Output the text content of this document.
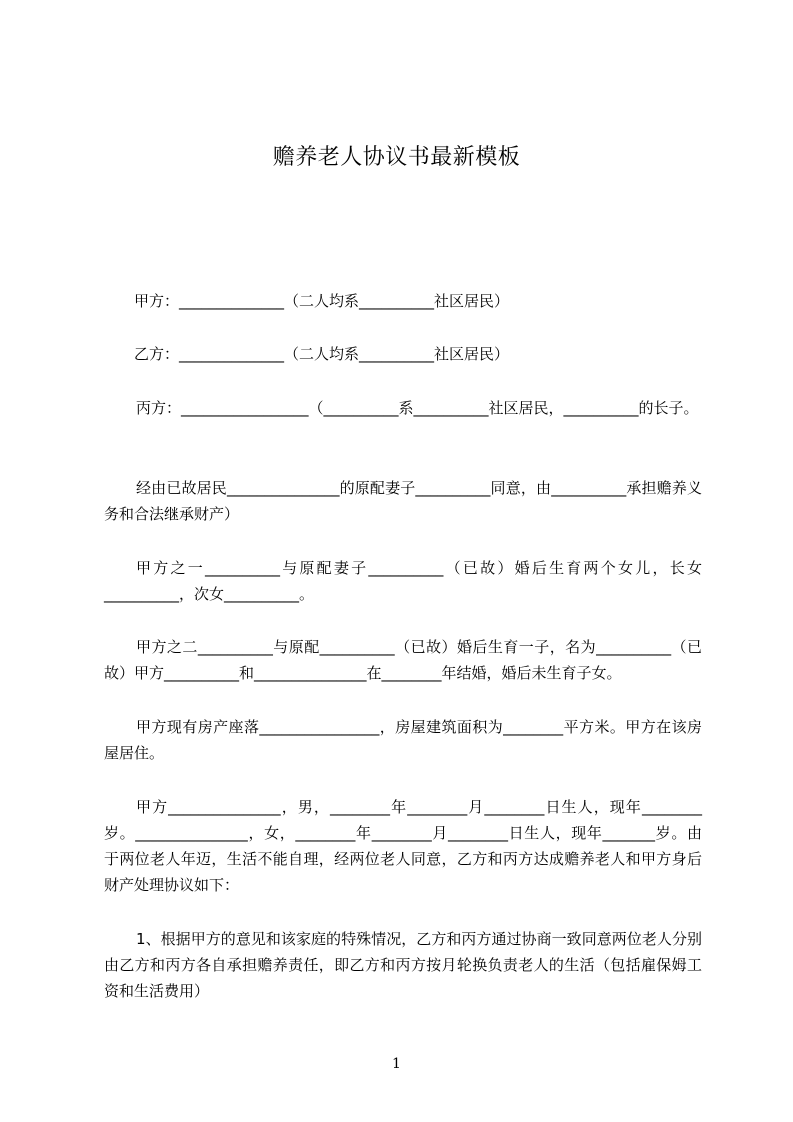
赡养老人协议书最新模板

甲方：______________（二人均系__________社区居民）

乙方：______________（二人均系__________社区居民）

丙方：_________________（__________系__________社区居民，__________的长子。

经由已故居民_______________的原配妻子__________同意，由__________承担赡养义务和合法继承财产）

甲方之一__________与原配妻子__________（已故）婚后生育两个女儿，长女__________，次女__________。

甲方之二__________与原配__________（已故）婚后生育一子，名为__________（已故）甲方__________和_______________在________年结婚，婚后未生育子女。

甲方现有房产座落________________，房屋建筑面积为________平方米。甲方在该房屋居住。

甲方_______________，男，________年________月________日生人，现年________岁。_______________，女，________年________月________日生人，现年_______岁。由于两位老人年迈，生活不能自理，经两位老人同意，乙方和丙方达成赡养老人和甲方身后财产处理协议如下：

1、根据甲方的意见和该家庭的特殊情况，乙方和丙方通过协商一致同意两位老人分别由乙方和丙方各自承担赡养责任，即乙方和丙方按月轮换负责老人的生活（包括雇保姆工资和生活费用）

1
